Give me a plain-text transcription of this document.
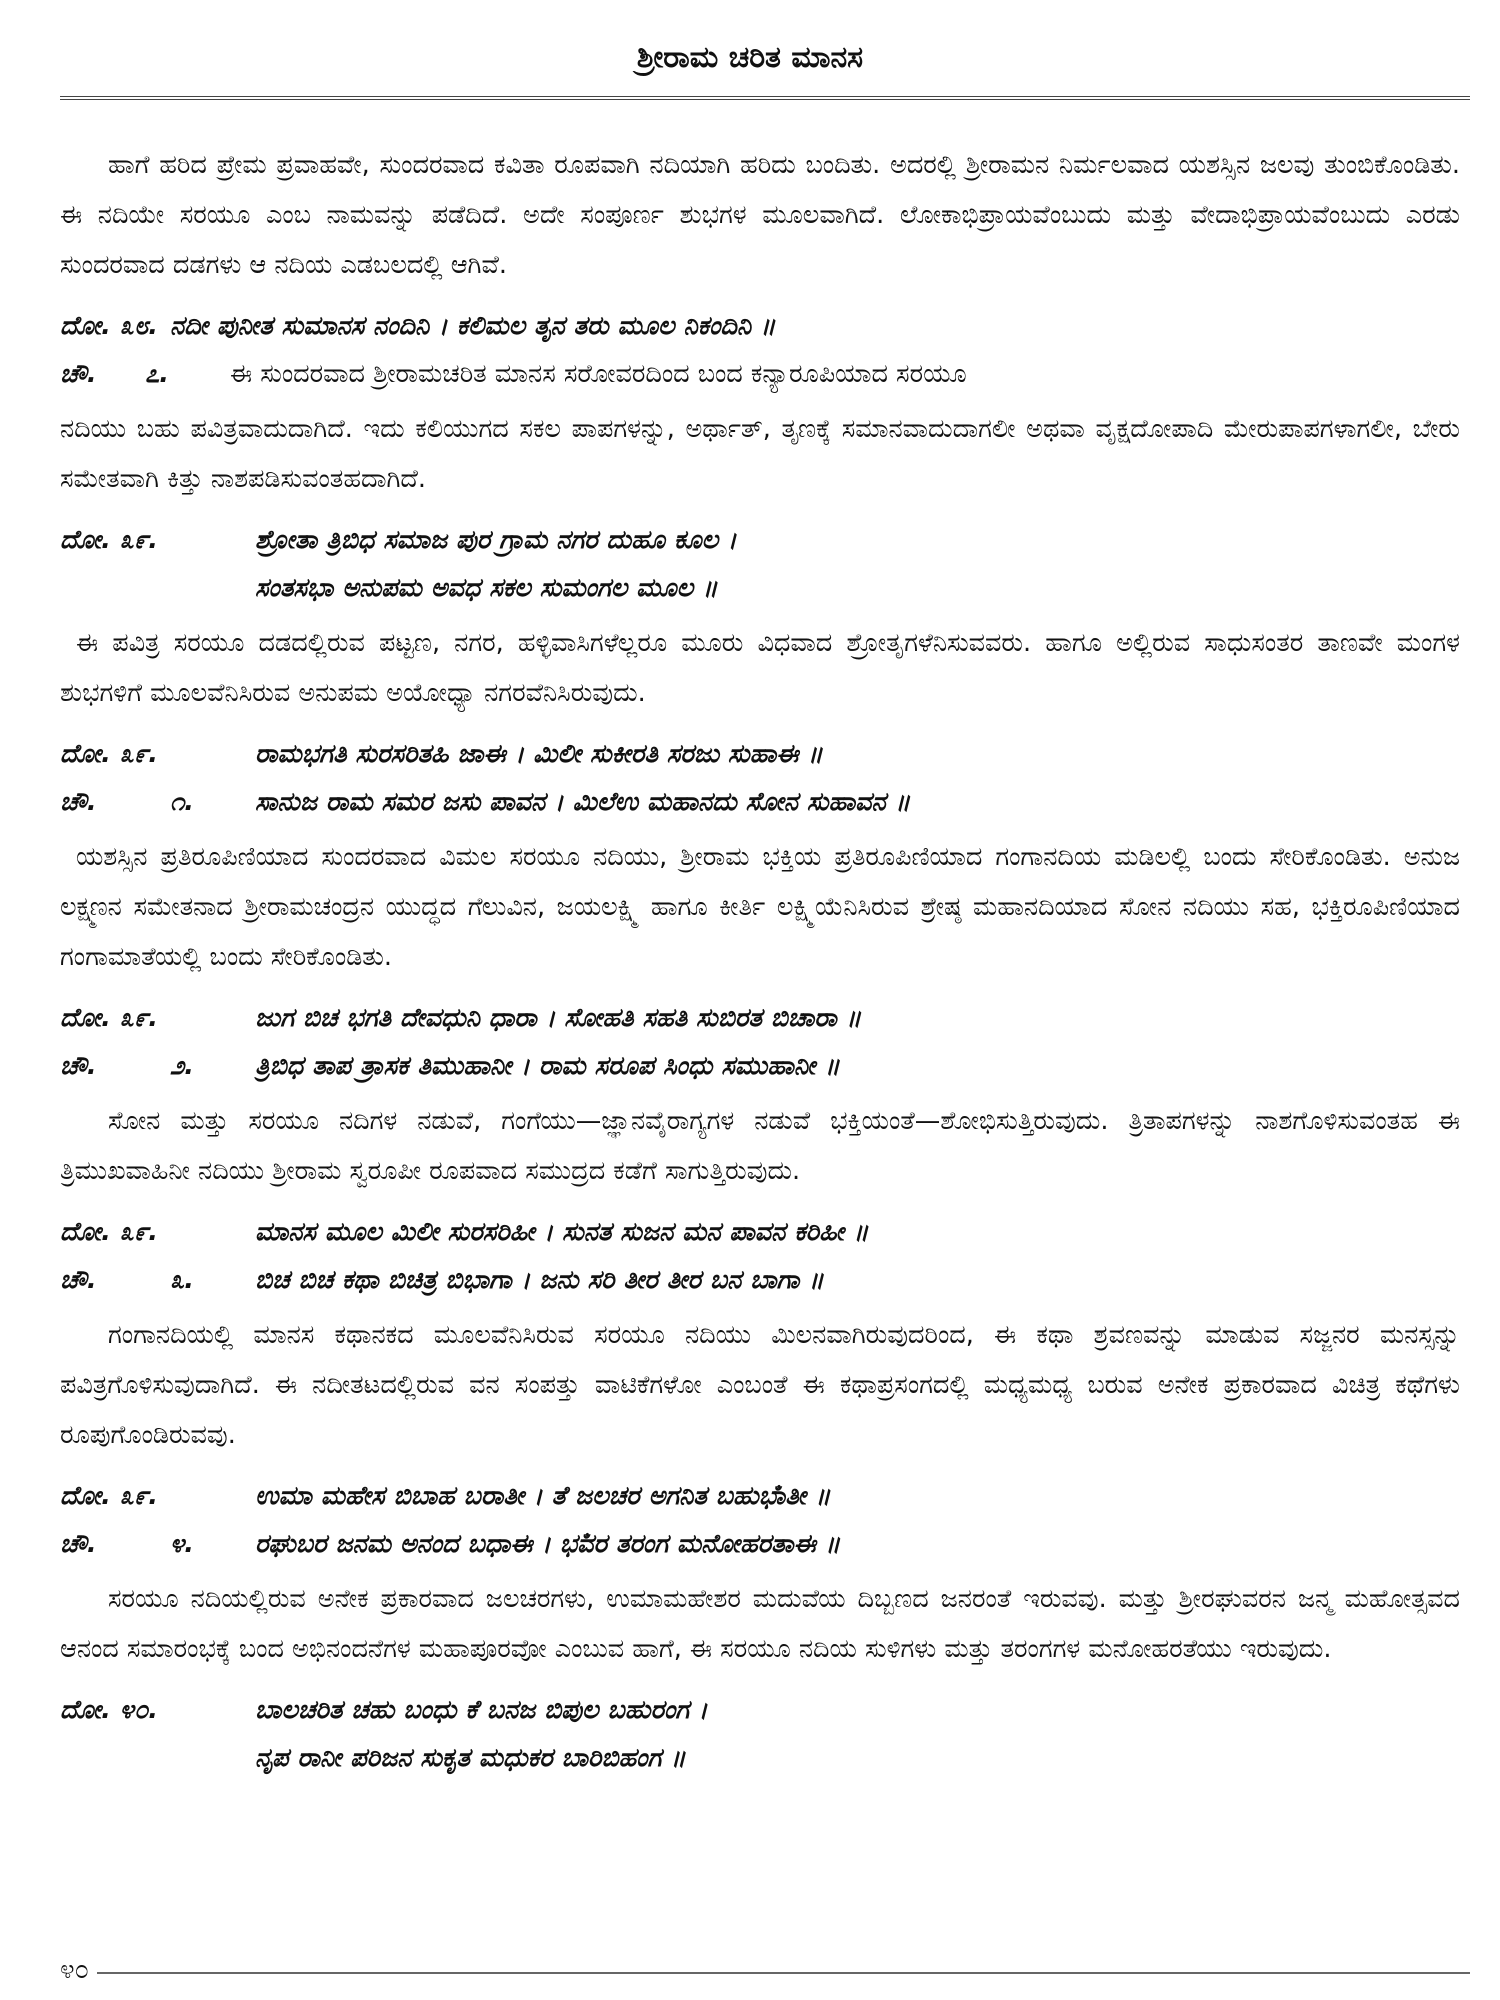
ಶ್ರೀರಾಮ ಚರಿತ ಮಾನಸ

ಹಾಗೆ ಹರಿದ ಪ್ರೇಮ ಪ್ರವಾಹವೇ, ಸುಂದರವಾದ ಕವಿತಾ ರೂಪವಾಗಿ ನದಿಯಾಗಿ ಹರಿದು ಬಂದಿತು. ಅದರಲ್ಲಿ ಶ್ರೀರಾಮನ ನಿರ್ಮಲವಾದ ಯಶಸ್ಸಿನ ಜಲವು ತುಂಬಿಕೊಂಡಿತು. ಈ ನದಿಯೇ ಸರಯೂ ಎಂಬ ನಾಮವನ್ನು ಪಡೆದಿದೆ. ಅದೇ ಸಂಪೂರ್ಣ ಶುಭಗಳ ಮೂಲವಾಗಿದೆ. ಲೋಕಾಭಿಪ್ರಾಯವೆಂಬುದು ಮತ್ತು ವೇದಾಭಿಪ್ರಾಯವೆಂಬುದು ಎರಡು ಸುಂದರವಾದ ದಡಗಳು ಆ ನದಿಯ ಎಡಬಲದಲ್ಲಿ ಆಗಿವೆ.

ದೋ. ೩೮. ನದೀ ಪುನೀತ ಸುಮಾನಸ ನಂದಿನಿ । ಕಲಿಮಲ ತೃನ ತರು ಮೂಲ ನಿಕಂದಿನಿ ॥
ಚೌ.	೭.	ಈ ಸುಂದರವಾದ ಶ್ರೀರಾಮಚರಿತ ಮಾನಸ ಸರೋವರದಿಂದ ಬಂದ ಕನ್ಯಾರೂಪಿಯಾದ ಸರಯೂ

ನದಿಯು ಬಹು ಪವಿತ್ರವಾದುದಾಗಿದೆ. ಇದು ಕಲಿಯುಗದ ಸಕಲ ಪಾಪಗಳನ್ನು, ಅರ್ಥಾತ್, ತೃಣಕ್ಕೆ ಸಮಾನವಾದುದಾಗಲೀ ಅಥವಾ ವೃಕ್ಷದೋಪಾದಿ ಮೇರುಪಾಪಗಳಾಗಲೀ, ಬೇರು ಸಮೇತವಾಗಿ ಕಿತ್ತು ನಾಶಪಡಿಸುವಂತಹದಾಗಿದೆ.

ದೋ. ೩೯.	ಶ್ರೋತಾ ತ್ರಿಬಿಧ ಸಮಾಜ ಪುರ ಗ್ರಾಮ ನಗರ ದುಹೂ ಕೂಲ ।
ಸಂತಸಭಾ ಅನುಪಮ ಅವಧ ಸಕಲ ಸುಮಂಗಲ ಮೂಲ ॥

ಈ ಪವಿತ್ರ ಸರಯೂ ದಡದಲ್ಲಿರುವ ಪಟ್ಟಣ, ನಗರ, ಹಳ್ಳಿವಾಸಿಗಳೆಲ್ಲರೂ ಮೂರು ವಿಧವಾದ ಶ್ರೋತೃಗಳೆನಿಸುವವರು. ಹಾಗೂ ಅಲ್ಲಿರುವ ಸಾಧುಸಂತರ ತಾಣವೇ ಮಂಗಳ ಶುಭಗಳಿಗೆ ಮೂಲವೆನಿಸಿರುವ ಅನುಪಮ ಅಯೋಧ್ಯಾ ನಗರವೆನಿಸಿರುವುದು.

ದೋ. ೩೯.	ರಾಮಭಗತಿ ಸುರಸರಿತಹಿ ಜಾಈ । ಮಿಲೀ ಸುಕೀರತಿ ಸರಜು ಸುಹಾಈ ॥
ಚೌ.	೧.	ಸಾನುಜ ರಾಮ ಸಮರ ಜಸು ಪಾವನ । ಮಿಲೆಉ ಮಹಾನದು ಸೋನ ಸುಹಾವನ ॥

ಯಶಸ್ಸಿನ ಪ್ರತಿರೂಪಿಣಿಯಾದ ಸುಂದರವಾದ ವಿಮಲ ಸರಯೂ ನದಿಯು, ಶ್ರೀರಾಮ ಭಕ್ತಿಯ ಪ್ರತಿರೂಪಿಣಿಯಾದ ಗಂಗಾನದಿಯ ಮಡಿಲಲ್ಲಿ ಬಂದು ಸೇರಿಕೊಂಡಿತು. ಅನುಜ ಲಕ್ಷ್ಮಣನ ಸಮೇತನಾದ ಶ್ರೀರಾಮಚಂದ್ರನ ಯುದ್ಧದ ಗೆಲುವಿನ, ಜಯಲಕ್ಷ್ಮಿ ಹಾಗೂ ಕೀರ್ತಿ ಲಕ್ಷ್ಮಿಯೆನಿಸಿರುವ ಶ್ರೇಷ್ಠ ಮಹಾನದಿಯಾದ ಸೋನ ನದಿಯು ಸಹ, ಭಕ್ತಿರೂಪಿಣಿಯಾದ ಗಂಗಾಮಾತೆಯಲ್ಲಿ ಬಂದು ಸೇರಿಕೊಂಡಿತು.

ದೋ. ೩೯.	ಜುಗ ಬಿಚ ಭಗತಿ ದೇವಧುನಿ ಧಾರಾ । ಸೋಹತಿ ಸಹತಿ ಸುಬಿರತ ಬಿಚಾರಾ ॥
ಚೌ.	೨.	ತ್ರಿಬಿಧ ತಾಪ ತ್ರಾಸಕ ತಿಮುಹಾನೀ । ರಾಮ ಸರೂಪ ಸಿಂಧು ಸಮುಹಾನೀ ॥

ಸೋನ ಮತ್ತು ಸರಯೂ ನದಿಗಳ ನಡುವೆ, ಗಂಗೆಯು—ಜ್ಞಾನವೈರಾಗ್ಯಗಳ ನಡುವೆ ಭಕ್ತಿಯಂತೆ—ಶೋಭಿಸುತ್ತಿರುವುದು. ತ್ರಿತಾಪಗಳನ್ನು ನಾಶಗೊಳಿಸುವಂತಹ ಈ ತ್ರಿಮುಖವಾಹಿನೀ ನದಿಯು ಶ್ರೀರಾಮ ಸ್ವರೂಪೀ ರೂಪವಾದ ಸಮುದ್ರದ ಕಡೆಗೆ ಸಾಗುತ್ತಿರುವುದು.

ದೋ. ೩೯.	ಮಾನಸ ಮೂಲ ಮಿಲೀ ಸುರಸರಿಹೀ । ಸುನತ ಸುಜನ ಮನ ಪಾವನ ಕರಿಹೀ ॥
ಚೌ.	೩.	ಬಿಚ ಬಿಚ ಕಥಾ ಬಿಚಿತ್ರ ಬಿಭಾಗಾ । ಜನು ಸರಿ ತೀರ ತೀರ ಬನ ಬಾಗಾ ॥

ಗಂಗಾನದಿಯಲ್ಲಿ ಮಾನಸ ಕಥಾನಕದ ಮೂಲವೆನಿಸಿರುವ ಸರಯೂ ನದಿಯು ಮಿಲನವಾಗಿರುವುದರಿಂದ, ಈ ಕಥಾ ಶ್ರವಣವನ್ನು ಮಾಡುವ ಸಜ್ಜನರ ಮನಸ್ಸನ್ನು ಪವಿತ್ರಗೊಳಿಸುವುದಾಗಿದೆ. ಈ ನದೀತಟದಲ್ಲಿರುವ ವನ ಸಂಪತ್ತು ವಾಟಿಕೆಗಳೋ ಎಂಬಂತೆ ಈ ಕಥಾಪ್ರಸಂಗದಲ್ಲಿ ಮಧ್ಯಮಧ್ಯ ಬರುವ ಅನೇಕ ಪ್ರಕಾರವಾದ ವಿಚಿತ್ರ ಕಥೆಗಳು ರೂಪುಗೊಂಡಿರುವವು.

ದೋ. ೩೯.	ಉಮಾ ಮಹೇಸ ಬಿಬಾಹ ಬರಾತೀ । ತೆ ಜಲಚರ ಅಗನಿತ ಬಹುಭಾಁತೀ ॥
ಚೌ.	೪.	ರಘುಬರ ಜನಮ ಅನಂದ ಬಧಾಈ । ಭವಁರ ತರಂಗ ಮನೋಹರತಾಈ ॥

ಸರಯೂ ನದಿಯಲ್ಲಿರುವ ಅನೇಕ ಪ್ರಕಾರವಾದ ಜಲಚರಗಳು, ಉಮಾಮಹೇಶರ ಮದುವೆಯ ದಿಬ್ಬಣದ ಜನರಂತೆ ಇರುವವು. ಮತ್ತು ಶ್ರೀರಘುವರನ ಜನ್ಮ ಮಹೋತ್ಸವದ ಆನಂದ ಸಮಾರಂಭಕ್ಕೆ ಬಂದ ಅಭಿನಂದನೆಗಳ ಮಹಾಪೂರವೋ ಎಂಬುವ ಹಾಗೆ, ಈ ಸರಯೂ ನದಿಯ ಸುಳಿಗಳು ಮತ್ತು ತರಂಗಗಳ ಮನೋಹರತೆಯು ಇರುವುದು.

ದೋ. ೪೦.	ಬಾಲಚರಿತ ಚಹು ಬಂಧು ಕೆ ಬನಜ ಬಿಪುಲ ಬಹುರಂಗ ।
ನೃಪ ರಾನೀ ಪರಿಜನ ಸುಕೃತ ಮಧುಕರ ಬಾರಿಬಿಹಂಗ ॥
೪೦
